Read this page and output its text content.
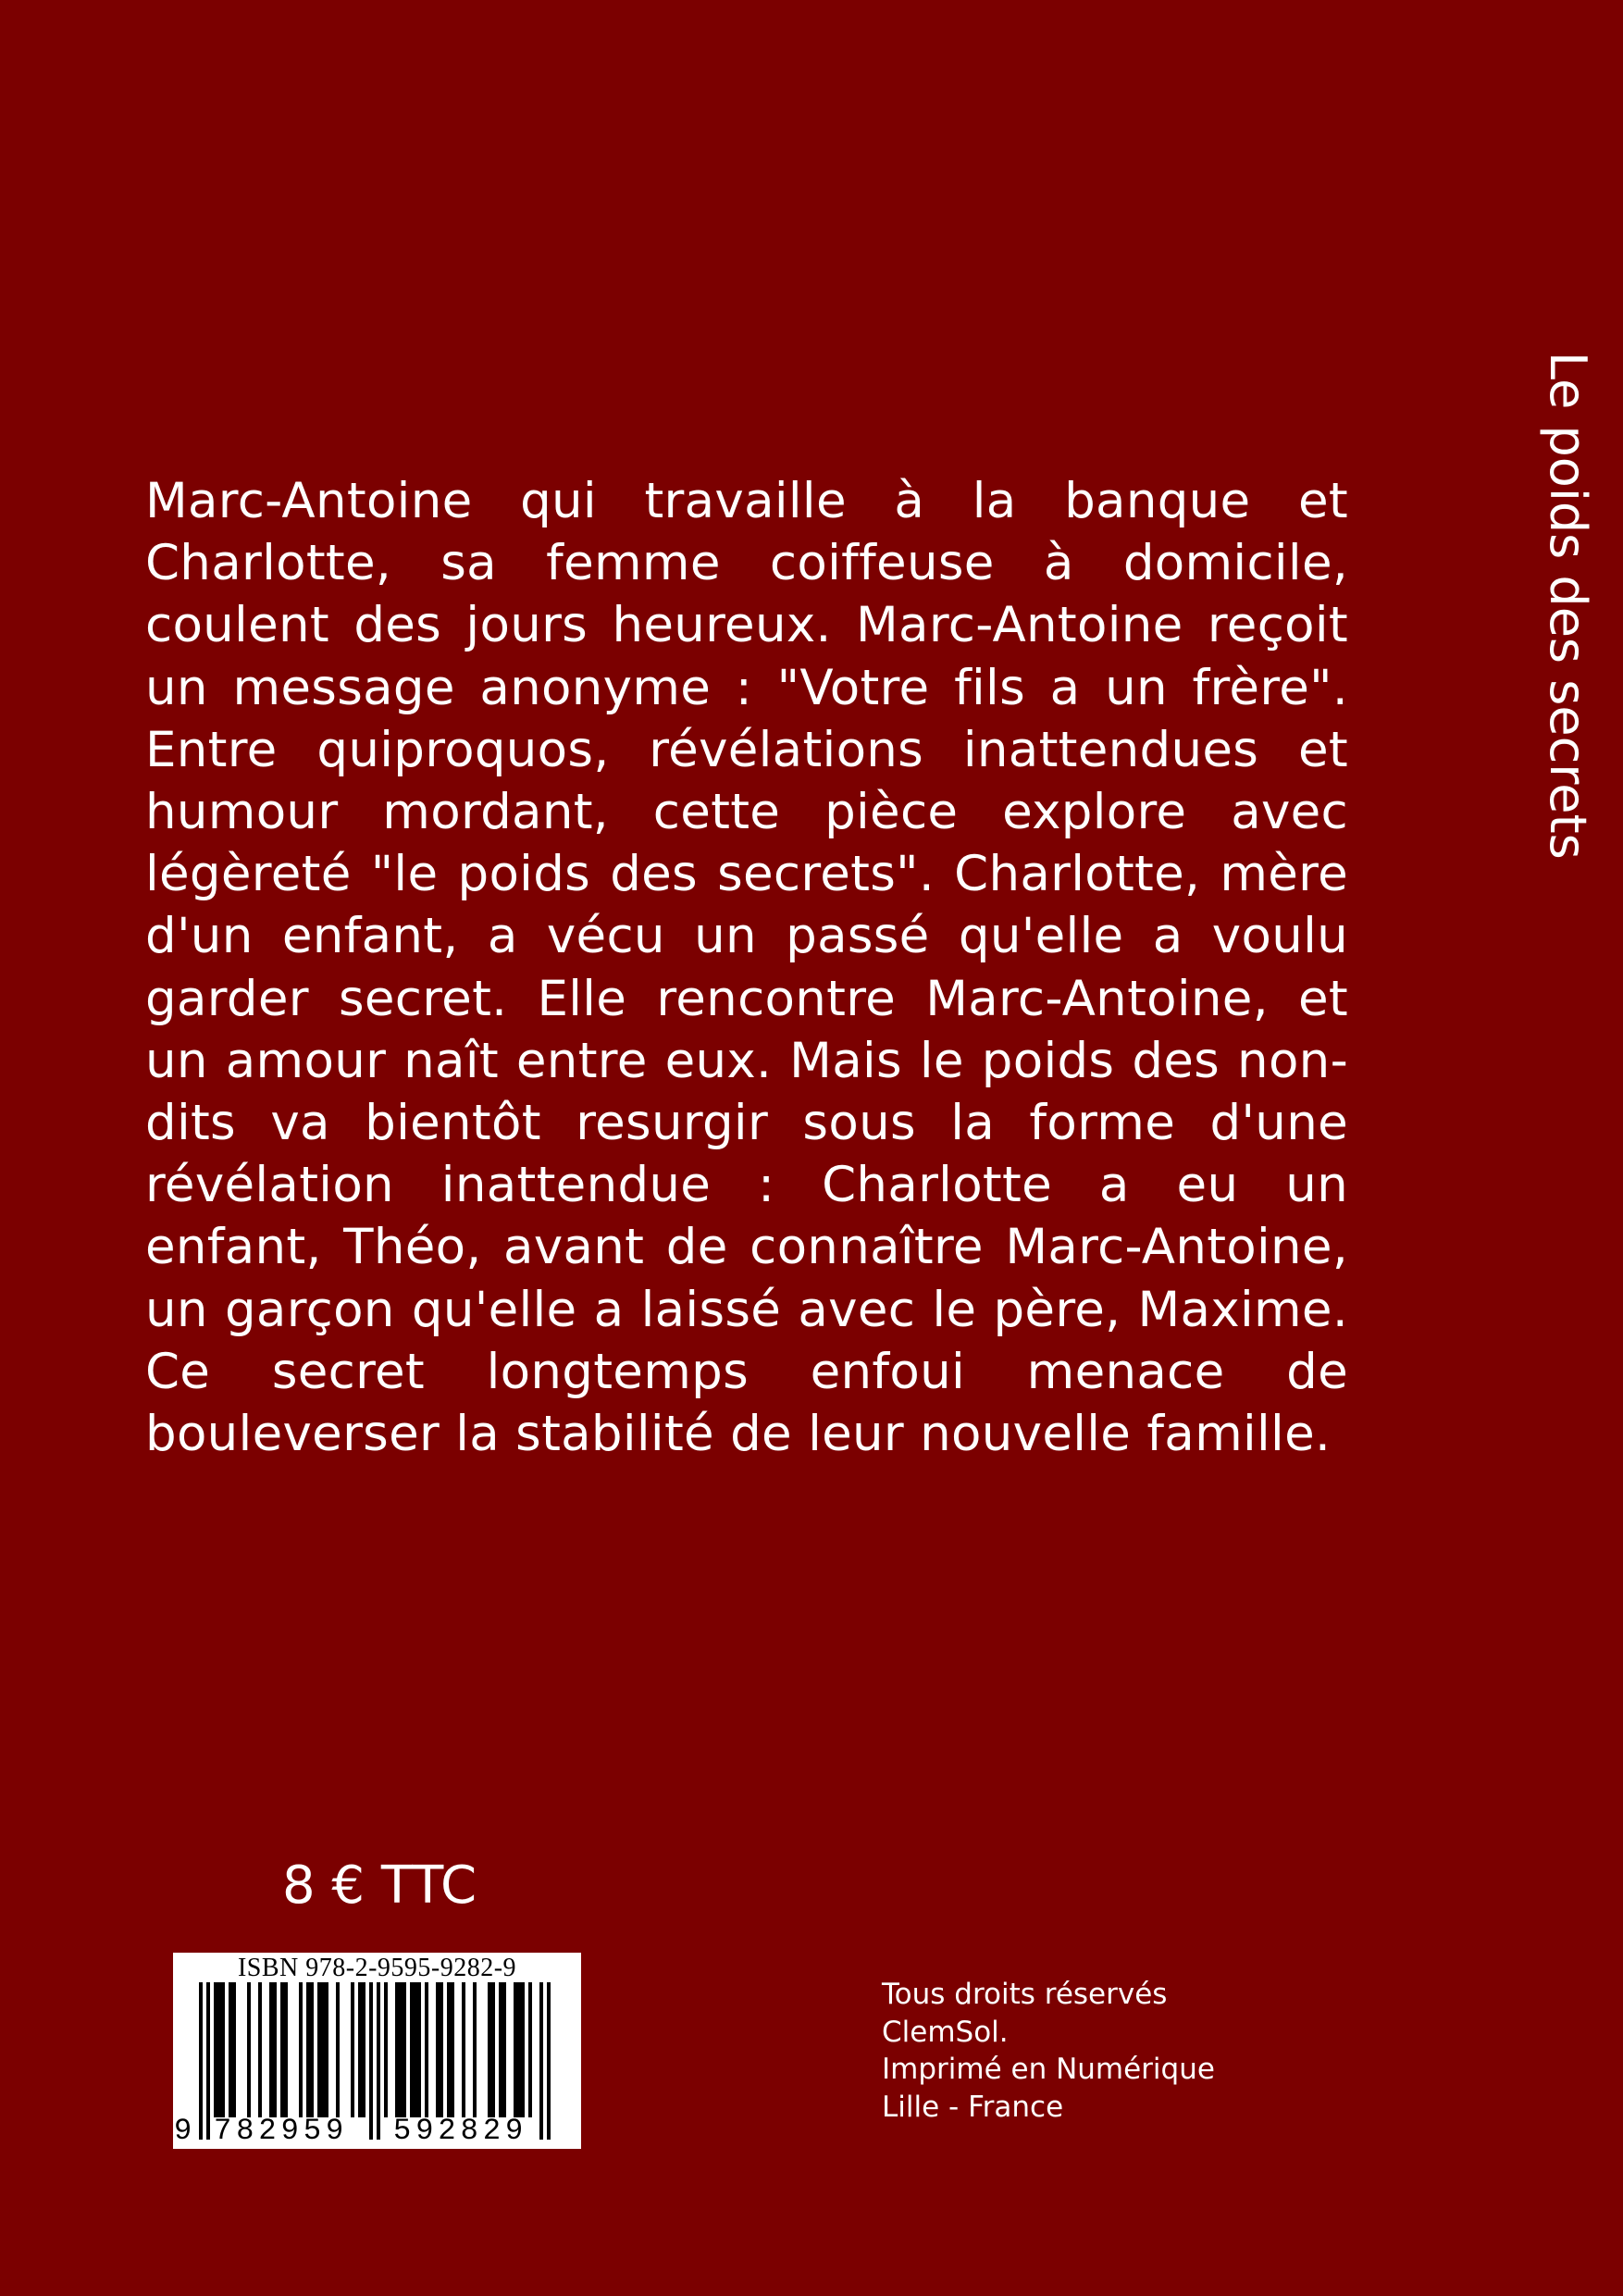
Marc-Antoine qui travaille à la banque et Charlotte, sa femme coiffeuse à domicile, coulent des jours heureux. Marc-Antoine reçoit un message anonyme : "Votre fils a un frère". Entre quiproquos, révélations inattendues et humour mordant, cette pièce explore avec légèreté "le poids des secrets". Charlotte, mère d'un enfant, a vécu un passé qu'elle a voulu garder secret. Elle rencontre Marc-Antoine, et un amour naît entre eux. Mais le poids des non-dits va bientôt resurgir sous la forme d'une révélation inattendue : Charlotte a eu un enfant, Théo, avant de connaître Marc-Antoine, un garçon qu'elle a laissé avec le père, Maxime. Ce secret longtemps enfoui menace de bouleverser la stabilité de leur nouvelle famille.

Le poids des secrets
8 € TTC
ISBN 978-2-9595-9282-9
9 782959 592829
Tous droits réservés
ClemSol.
Imprimé en Numérique
Lille - France
